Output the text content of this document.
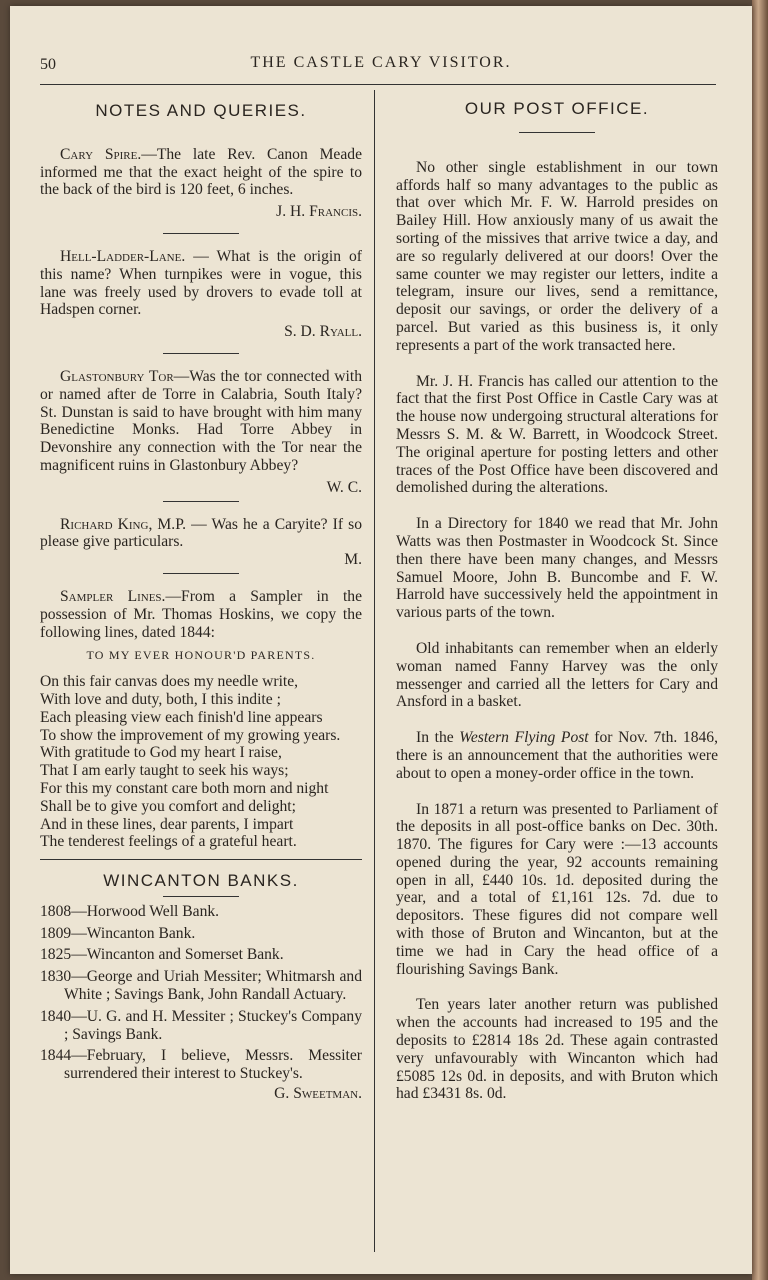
50	THE CASTLE CARY VISITOR.
NOTES AND QUERIES.

Cary Spire.—The late Rev. Canon Meade informed me that the exact height of the spire to the back of the bird is 120 feet, 6 inches.

J. H. Francis.

Hell-Ladder-Lane. — What is the origin of this name? When turnpikes were in vogue, this lane was freely used by drovers to evade toll at Hadspen corner.

S. D. Ryall.

Glastonbury Tor—Was the tor connected with or named after de Torre in Calabria, South Italy? St. Dunstan is said to have brought with him many Benedictine Monks. Had Torre Abbey in Devonshire any connection with the Tor near the magnificent ruins in Glastonbury Abbey?

W. C.

Richard King, M.P. — Was he a Caryite? If so please give particulars.

M.

Sampler Lines.—From a Sampler in the possession of Mr. Thomas Hoskins, we copy the following lines, dated 1844:

TO MY EVER HONOUR'D PARENTS.
On this fair canvas does my needle write,
With love and duty, both, I this indite ;
Each pleasing view each finish'd line appears
To show the improvement of my growing years.
With gratitude to God my heart I raise,
That I am early taught to seek his ways;
For this my constant care both morn and night
Shall be to give you comfort and delight;
And in these lines, dear parents, I impart
The tenderest feelings of a grateful heart.
WINCANTON BANKS.
1808—Horwood Well Bank.
1809—Wincanton Bank.
1825—Wincanton and Somerset Bank.
1830—George and Uriah Messiter; Whitmarsh and White ; Savings Bank, John Randall Actuary.
1840—U. G. and H. Messiter ; Stuckey's Company ; Savings Bank.
1844—February, I believe, Messrs. Messiter surrendered their interest to Stuckey's.
G. Sweetman.
OUR POST OFFICE.

No other single establishment in our town affords half so many advantages to the public as that over which Mr. F. W. Harrold presides on Bailey Hill. How anxiously many of us await the sorting of the missives that arrive twice a day, and are so regularly delivered at our doors! Over the same counter we may register our letters, indite a telegram, insure our lives, send a remittance, deposit our savings, or order the delivery of a parcel. But varied as this business is, it only represents a part of the work transacted here.

Mr. J. H. Francis has called our attention to the fact that the first Post Office in Castle Cary was at the house now undergoing structural alterations for Messrs S. M. & W. Barrett, in Woodcock Street. The original aperture for posting letters and other traces of the Post Office have been discovered and demolished during the alterations.

In a Directory for 1840 we read that Mr. John Watts was then Postmaster in Woodcock St. Since then there have been many changes, and Messrs Samuel Moore, John B. Buncombe and F. W. Harrold have successively held the appointment in various parts of the town.

Old inhabitants can remember when an elderly woman named Fanny Harvey was the only messenger and carried all the letters for Cary and Ansford in a basket.

In the Western Flying Post for Nov. 7th. 1846, there is an announcement that the authorities were about to open a money-order office in the town.

In 1871 a return was presented to Parliament of the deposits in all post-office banks on Dec. 30th. 1870. The figures for Cary were :—13 accounts opened during the year, 92 accounts remaining open in all, £440 10s. 1d. deposited during the year, and a total of £1,161 12s. 7d. due to depositors. These figures did not compare well with those of Bruton and Wincanton, but at the time we had in Cary the head office of a flourishing Savings Bank.

Ten years later another return was published when the accounts had increased to 195 and the deposits to £2814 18s 2d. These again contrasted very unfavourably with Wincanton which had £5085 12s 0d. in deposits, and with Bruton which had £3431 8s. 0d.
